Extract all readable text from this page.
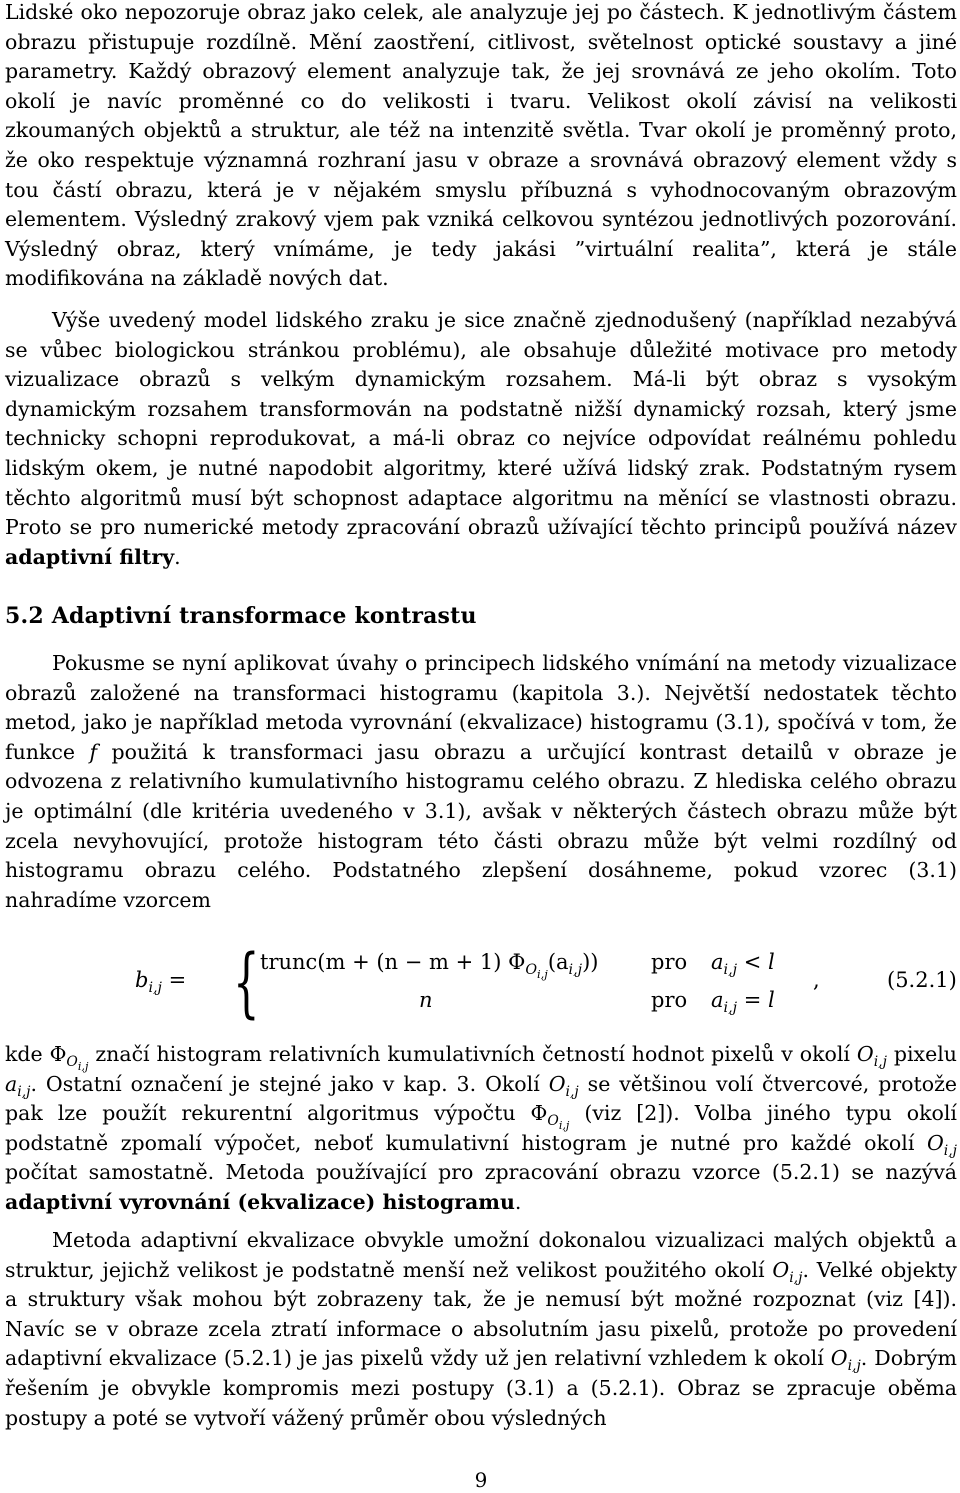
Lidské oko nepozoruje obraz jako celek, ale analyzuje jej po částech. K jednotlivým částem obrazu přistupuje rozdílně. Mění zaostření, citlivost, světelnost optické soustavy a jiné parametry. Každý obrazový element analyzuje tak, že jej srovnává ze jeho okolím. Toto okolí je navíc proměnné co do velikosti i tvaru. Velikost okolí závisí na velikosti zkoumaných objektů a struktur, ale též na intenzitě světla. Tvar okolí je proměnný proto, že oko respektuje významná rozhraní jasu v obraze a srovnává obrazový element vždy s tou částí obrazu, která je v nějakém smyslu příbuzná s vyhodnocovaným obrazovým elementem. Výsledný zrakový vjem pak vzniká celkovou syntézou jednotlivých pozorování. Výsledný obraz, který vnímáme, je tedy jakási ”virtuální realita”, která je stále modifikována na základě nových dat.

Výše uvedený model lidského zraku je sice značně zjednodušený (například nezabývá se vůbec biologickou stránkou problému), ale obsahuje důležité motivace pro metody vizualizace obrazů s velkým dynamickým rozsahem. Má-li být obraz s vysokým dynamickým rozsahem transformován na podstatně nižší dynamický rozsah, který jsme technicky schopni reprodukovat, a má-li obraz co nejvíce odpovídat reálnému pohledu lidským okem, je nutné napodobit algoritmy, které užívá lidský zrak. Podstatným rysem těchto algoritmů musí být schopnost adaptace algoritmu na měnící se vlastnosti obrazu. Proto se pro numerické metody zpracování obrazů užívající těchto principů používá název adaptivní filtry.

5.2 Adaptivní transformace kontrastu

Pokusme se nyní aplikovat úvahy o principech lidského vnímání na metody vizualizace obrazů založené na transformaci histogramu (kapitola 3.). Největší nedostatek těchto metod, jako je například metoda vyrovnání (ekvalizace) histogramu (3.1), spočívá v tom, že funkce f použitá k transformaci jasu obrazu a určující kontrast detailů v obraze je odvozena z relativního kumulativního histogramu celého obrazu. Z hlediska celého obrazu je optimální (dle kritéria uvedeného v 3.1), avšak v některých částech obrazu může být zcela nevyhovující, protože histogram této části obrazu může být velmi rozdílný od histogramu obrazu celého. Podstatného zlepšení dosáhneme, pokud vzorec (3.1) nahradíme vzorcem

$b_{i,j}$ = { trunc(m + (n − m + 1) $\Phi_{O_{i,j}}(a_{i,j})$)	pro $a_{i,j} < l$
n	pro $a_{i,j} = l$
,	(5.2.1)

kde $\Phi_{O_{i,j}}$ značí histogram relativních kumulativních četností hodnot pixelů v okolí $O_{i,j}$ pixelu $a_{i,j}$. Ostatní označení je stejné jako v kap. 3. Okolí $O_{i,j}$ se většinou volí čtvercové, protože pak lze použít rekurentní algoritmus výpočtu $\Phi_{O_{i,j}}$ (viz [2]). Volba jiného typu okolí podstatně zpomalí výpočet, neboť kumulativní histogram je nutné pro každé okolí $O_{i,j}$ počítat samostatně. Metoda používající pro zpracování obrazu vzorce (5.2.1) se nazývá adaptivní vyrovnání (ekvalizace) histogramu.

Metoda adaptivní ekvalizace obvykle umožní dokonalou vizualizaci malých objektů a struktur, jejichž velikost je podstatně menší než velikost použitého okolí $O_{i,j}$. Velké objekty a struktury však mohou být zobrazeny tak, že je nemusí být možné rozpoznat (viz [4]). Navíc se v obraze zcela ztratí informace o absolutním jasu pixelů, protože po provedení adaptivní ekvalizace (5.2.1) je jas pixelů vždy už jen relativní vzhledem k okolí $O_{i,j}$. Dobrým řešením je obvykle kompromis mezi postupy (3.1) a (5.2.1). Obraz se zpracuje oběma postupy a poté se vytvoří vážený průměr obou výsledných

9
